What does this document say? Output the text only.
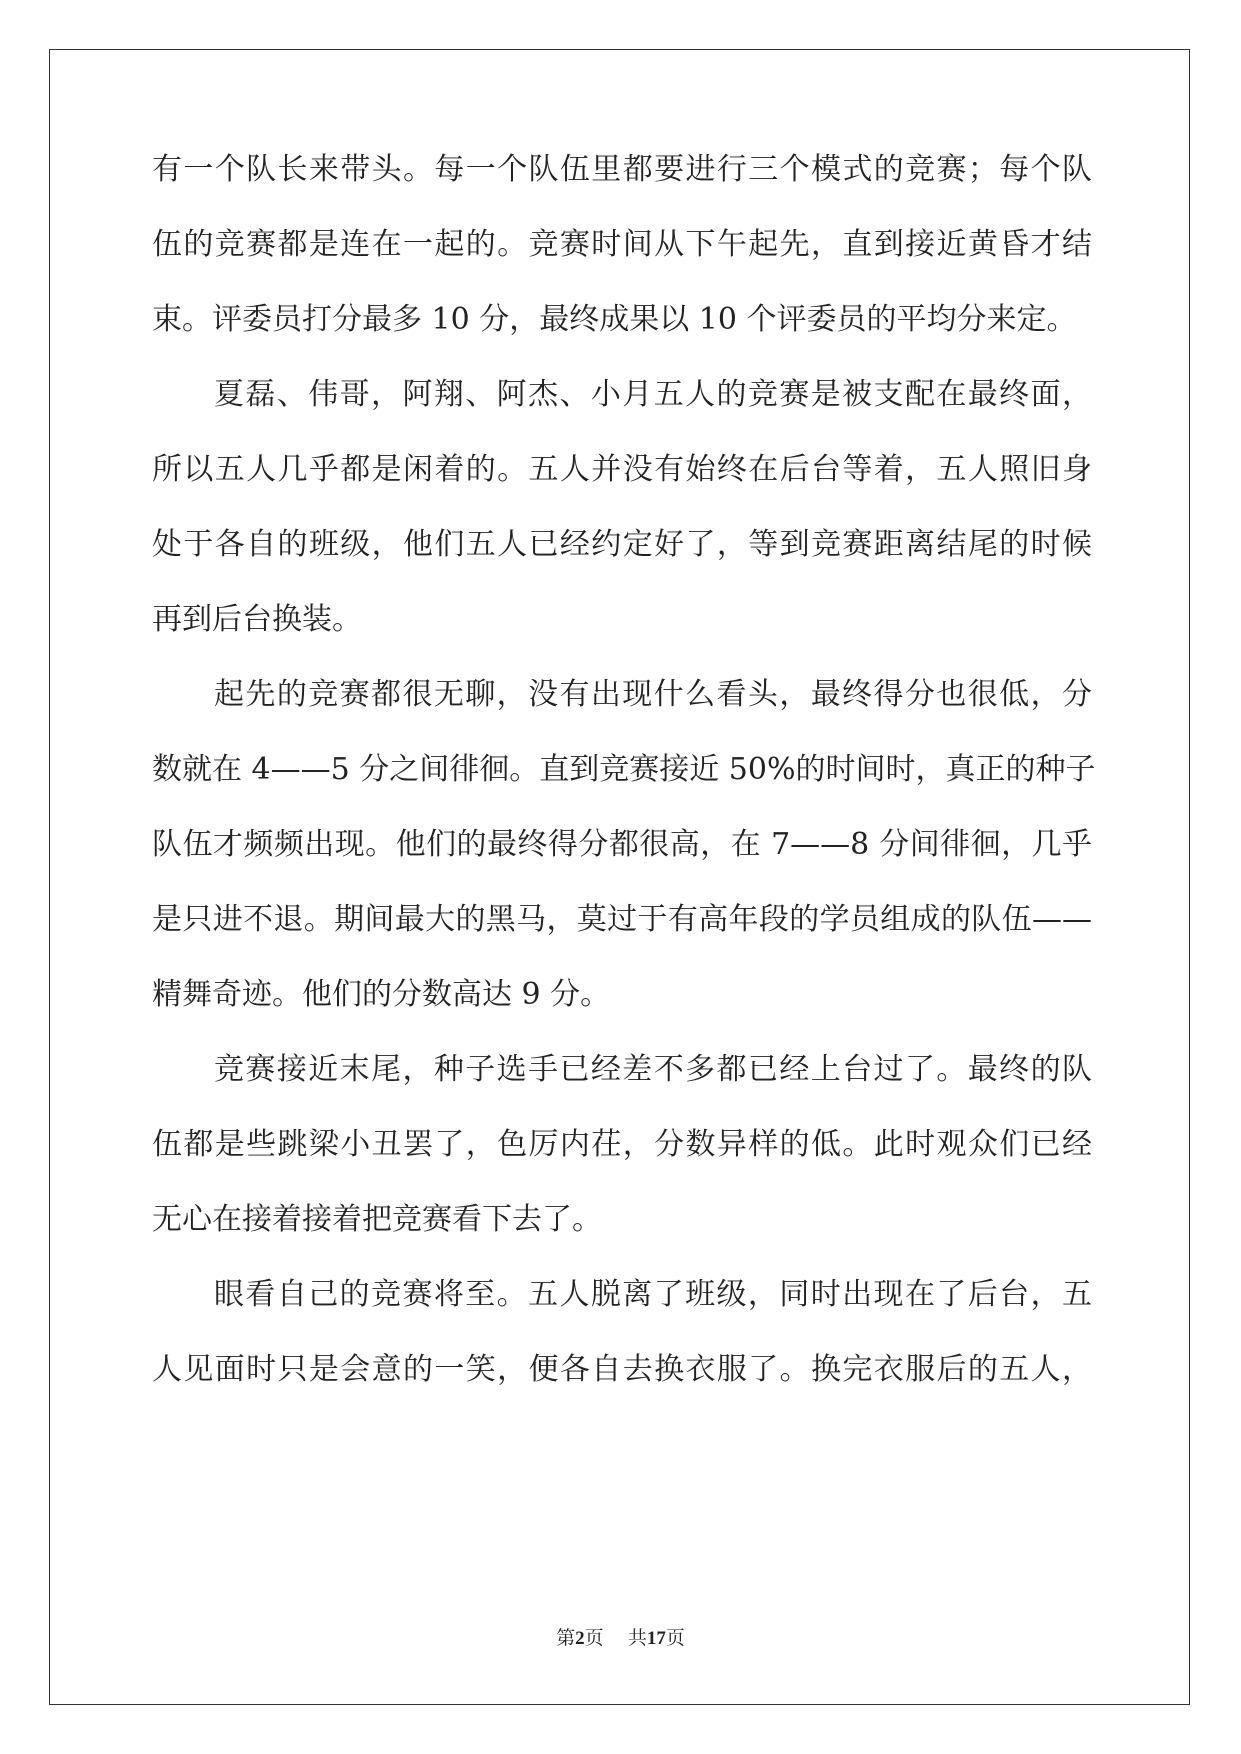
有一个队长来带头。每一个队伍里都要进行三个模式的竞赛；每个队
伍的竞赛都是连在一起的。竞赛时间从下午起先，直到接近黄昏才结
束。评委员打分最多 10 分，最终成果以 10 个评委员的平均分来定。
夏磊、伟哥，阿翔、阿杰、小月五人的竞赛是被支配在最终面，
所以五人几乎都是闲着的。五人并没有始终在后台等着，五人照旧身
处于各自的班级，他们五人已经约定好了，等到竞赛距离结尾的时候
再到后台换装。
起先的竞赛都很无聊，没有出现什么看头，最终得分也很低，分
数就在 4——5 分之间徘徊。直到竞赛接近 50%的时间时，真正的种子
队伍才频频出现。他们的最终得分都很高，在 7——8 分间徘徊，几乎
是只进不退。期间最大的黑马，莫过于有高年段的学员组成的队伍——
精舞奇迹。他们的分数高达 9 分。
竞赛接近末尾，种子选手已经差不多都已经上台过了。最终的队
伍都是些跳梁小丑罢了，色厉内茌，分数异样的低。此时观众们已经
无心在接着接着把竞赛看下去了。
眼看自己的竞赛将至。五人脱离了班级，同时出现在了后台，五
人见面时只是会意的一笑，便各自去换衣服了。换完衣服后的五人，
第2页 共17页
